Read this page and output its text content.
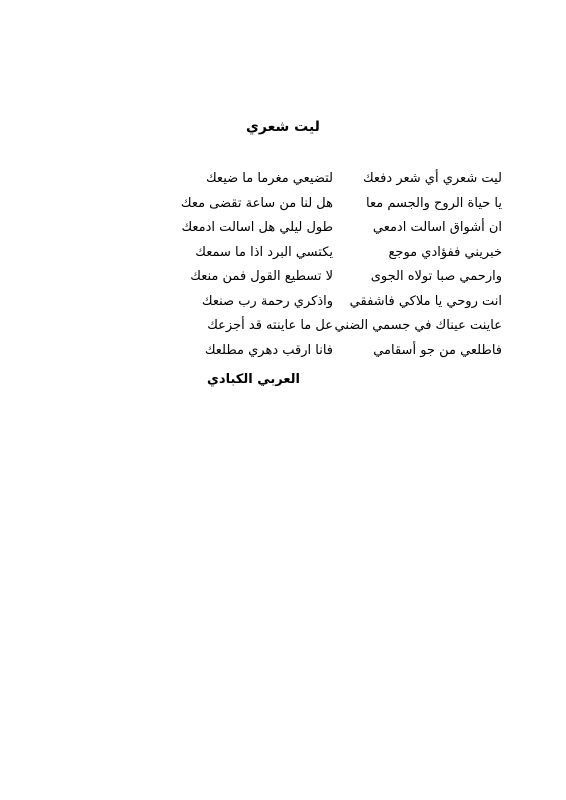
ليت شعري
ليت شعري أي شعر دفعك
لتضيعي مغرما ما ضيعك
يا حياة الروح والجسم معا
هل لنا من ساعة تقضى معك
ان أشواق اسالت ادمعي
طول ليلي هل اسالت ادمعك
خبريني ففؤادي موجع
يكتسي البرد اذا ما سمعك
وارحمي صبا تولاه الجوى
لا تسطيع القول فمن منعك
انت روحي يا ملاكي فاشفقي
واذكري رحمة رب صنعك
عاينت عيناك في جسمي الضني
عل ما عاينته قد أجزعك
فاطلعي من جو أسقامي
فانا ارقب دهري مطلعك
العربي الكبادي
